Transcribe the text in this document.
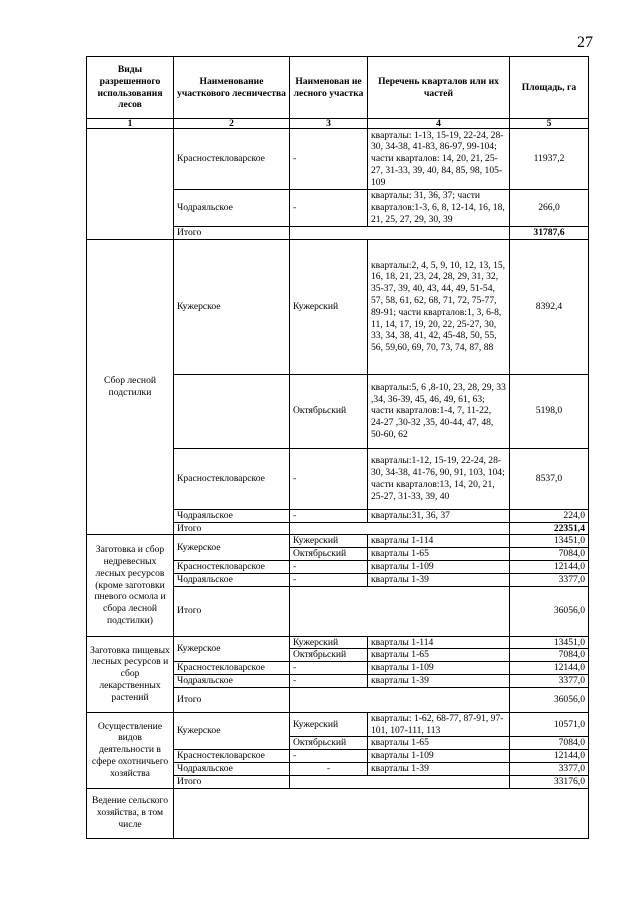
27
Виды разрешенного использования лесов	Наименование участкового лесничества	Наименован ие лесного участка	Перечень кварталов или их частей	Площадь, га
1	2	3	4	5
	Красностекловарское	-	кварталы: 1-13, 15-19, 22-24, 28-30, 34-38, 41-83, 86-97, 99-104; части кварталов: 14, 20, 21, 25-27, 31-33, 39, 40, 84, 85, 98, 105-109	11937,2
	Чодраяльское	-	кварталы: 31, 36, 37; части кварталов:1-3, 6, 8, 12-14, 16, 18, 21, 25, 27, 29, 30, 39	266,0
	Итого			31787,6
Сбор лесной подстилки	Кужерское	Кужерский	кварталы:2, 4, 5, 9, 10, 12, 13, 15, 16, 18, 21, 23, 24, 28, 29, 31, 32, 35-37, 39, 40, 43, 44, 49, 51-54, 57, 58, 61, 62, 68, 71, 72, 75-77, 89-91; части кварталов:1, 3, 6-8, 11, 14, 17, 19, 20, 22, 25-27, 30, 33, 34, 38, 41, 42, 45-48, 50, 55, 56, 59,60, 69, 70, 73, 74, 87, 88	8392,4
		Октябрьский	кварталы:5, 6 ,8-10, 23, 28, 29, 33 ,34, 36-39, 45, 46, 49, 61, 63; части кварталов:1-4, 7, 11-22, 24-27 ,30-32 ,35, 40-44, 47, 48, 50-60, 62	5198,0
	Красностекловарское	-	кварталы:1-12, 15-19, 22-24, 28-30, 34-38, 41-76, 90, 91, 103, 104; части кварталов:13, 14, 20, 21, 25-27, 31-33, 39, 40	8537,0
	Чодраяльское	-	кварталы:31, 36, 37	224,0
	Итого			22351,4
Заготовка и сбор недревесных лесных ресурсов (кроме заготовки пневого осмола и сбора лесной подстилки)	Кужерское	Кужерский	кварталы 1-114	13451,0
		Октябрьский	кварталы 1-65	7084,0
	Красностекловарское	-	кварталы 1-109	12144,0
	Чодраяльское	-	кварталы 1-39	3377,0
	Итого			36056,0
Заготовка пищевых лесных ресурсов и сбор лекарственных растений	Кужерское	Кужерский	кварталы 1-114	13451,0
		Октябрьский	кварталы 1-65	7084,0
	Красностекловарское	-	кварталы 1-109	12144,0
	Чодраяльское	-	кварталы 1-39	3377,0
	Итого			36056,0
Осуществление видов деятельности в сфере охотничьего хозяйства	Кужерское	Кужерский	кварталы: 1-62, 68-77, 87-91, 97-101, 107-111, 113	10571,0
		Октябрьский	кварталы 1-65	7084,0
	Красностекловарское	-	кварталы 1-109	12144,0
	Чодраяльское	-	кварталы 1-39	3377,0
	Итого			33176,0
Ведение сельского хозяйства, в том числе				
